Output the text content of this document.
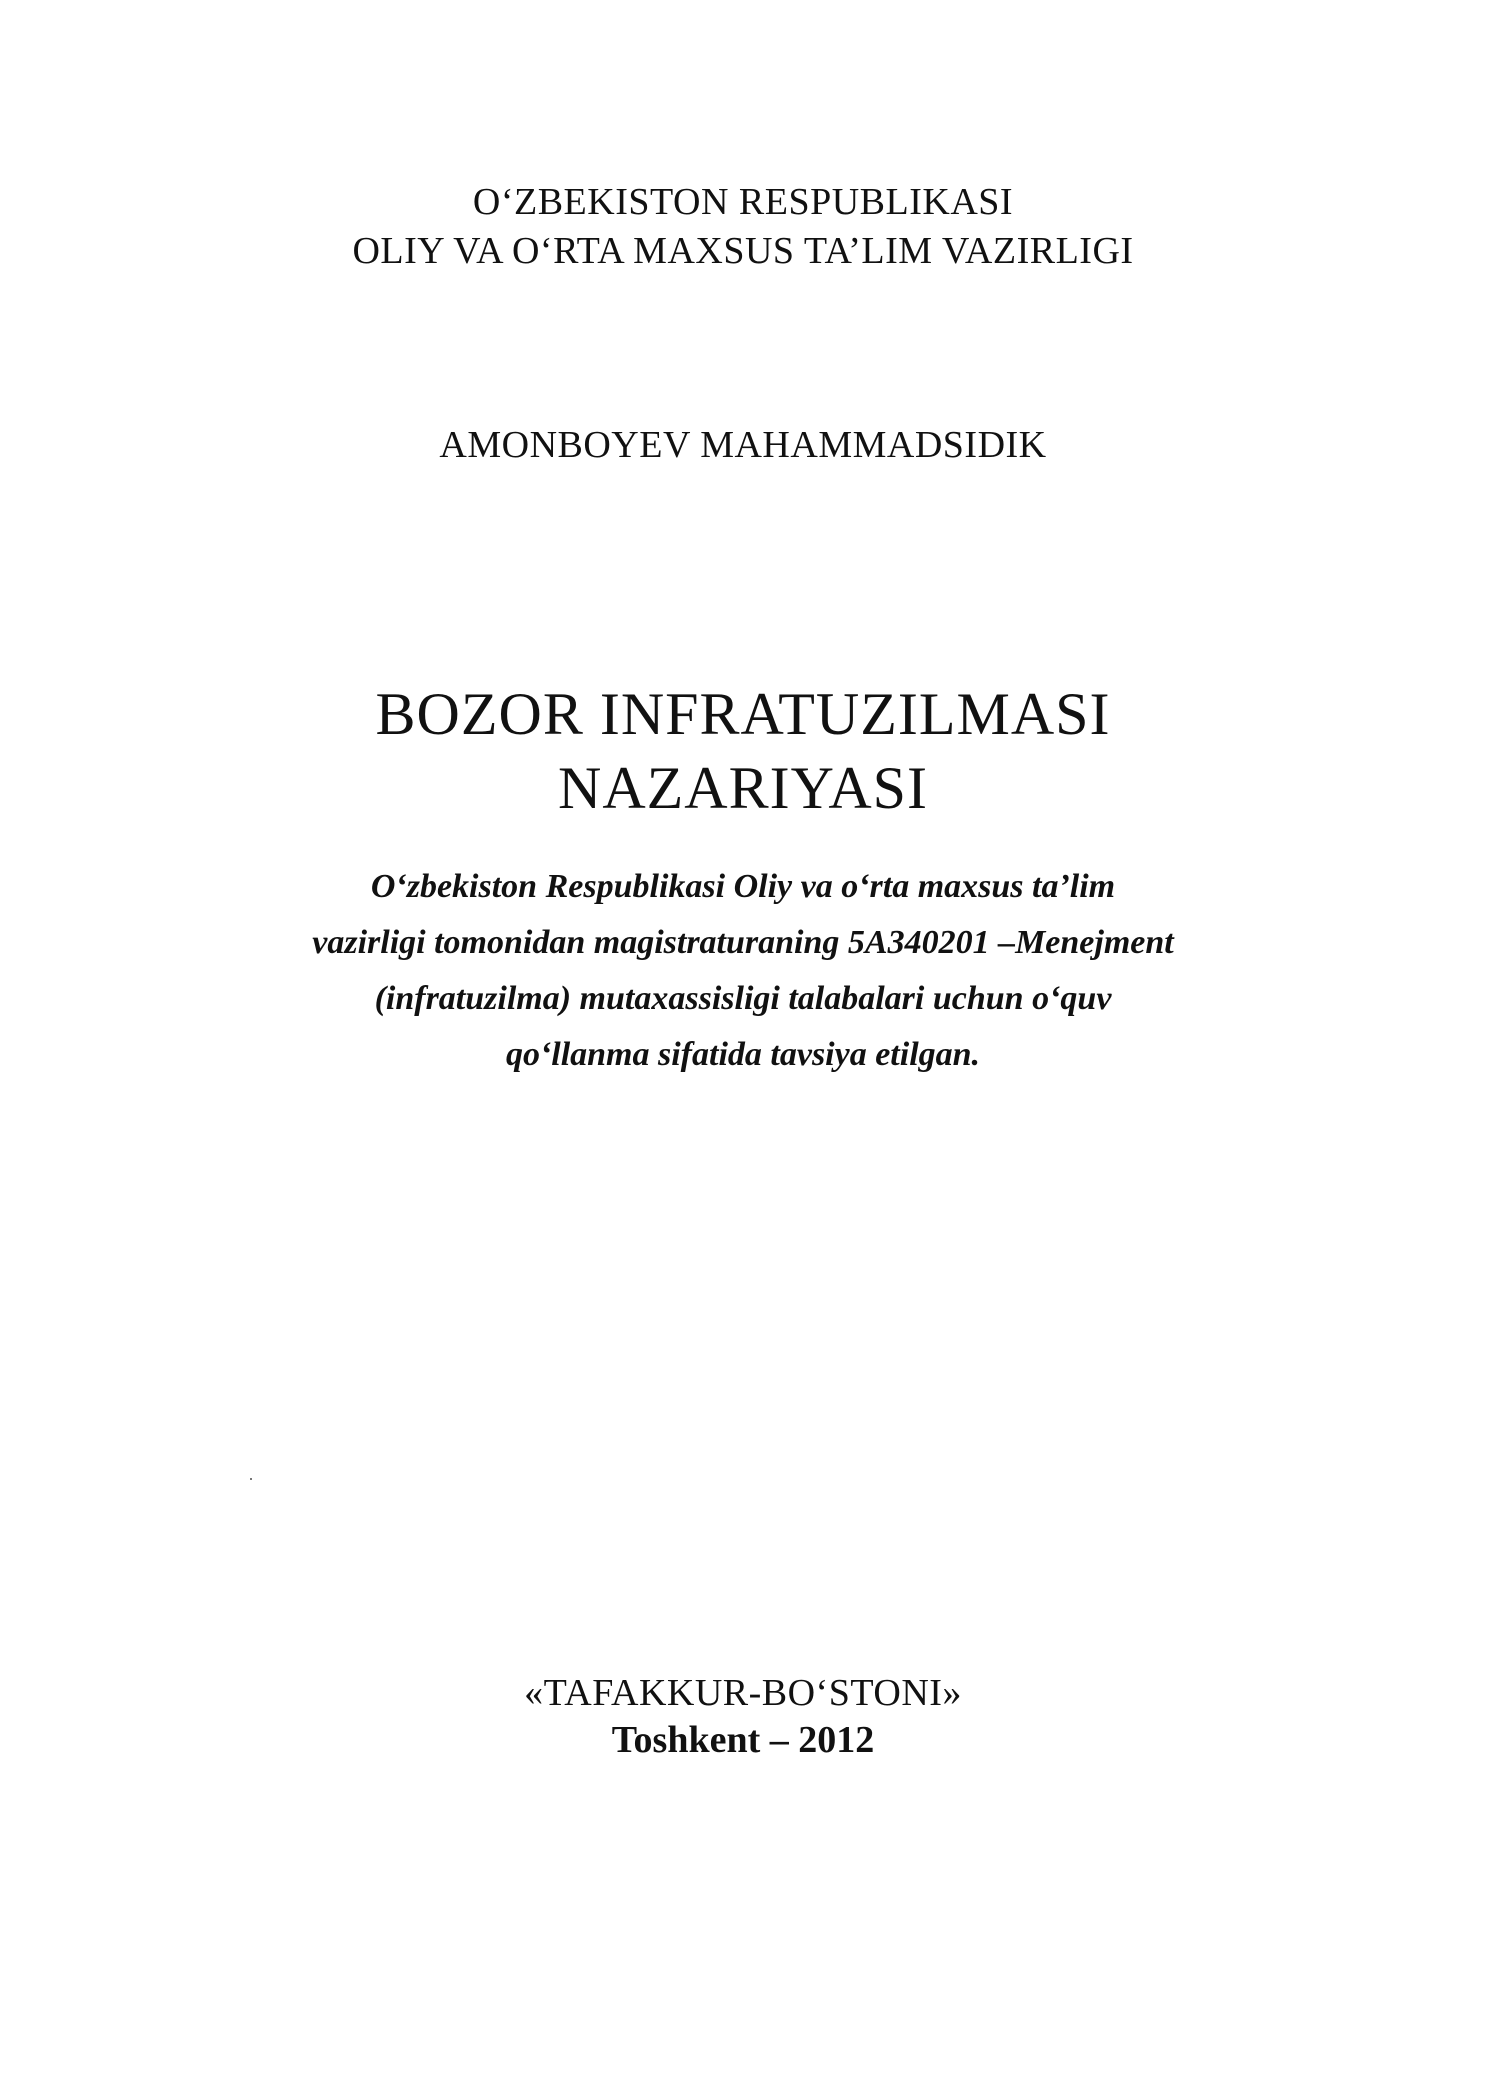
O‘ZBEKISTON RESPUBLIKASI
OLIY VA O‘RTA MAXSUS TA’LIM VAZIRLIGI
AMONBOYEV MAHAMMADSIDIK
BOZOR INFRATUZILMASI
NAZARIYASI
O‘zbekiston Respublikasi Oliy va o‘rta maxsus ta’lim
vazirligi tomonidan magistraturaning 5A340201 –Menejment
(infratuzilma) mutaxassisligi talabalari uchun o‘quv
qo‘llanma sifatida tavsiya etilgan.
«TAFAKKUR-BO‘STONI»
Toshkent – 2012
